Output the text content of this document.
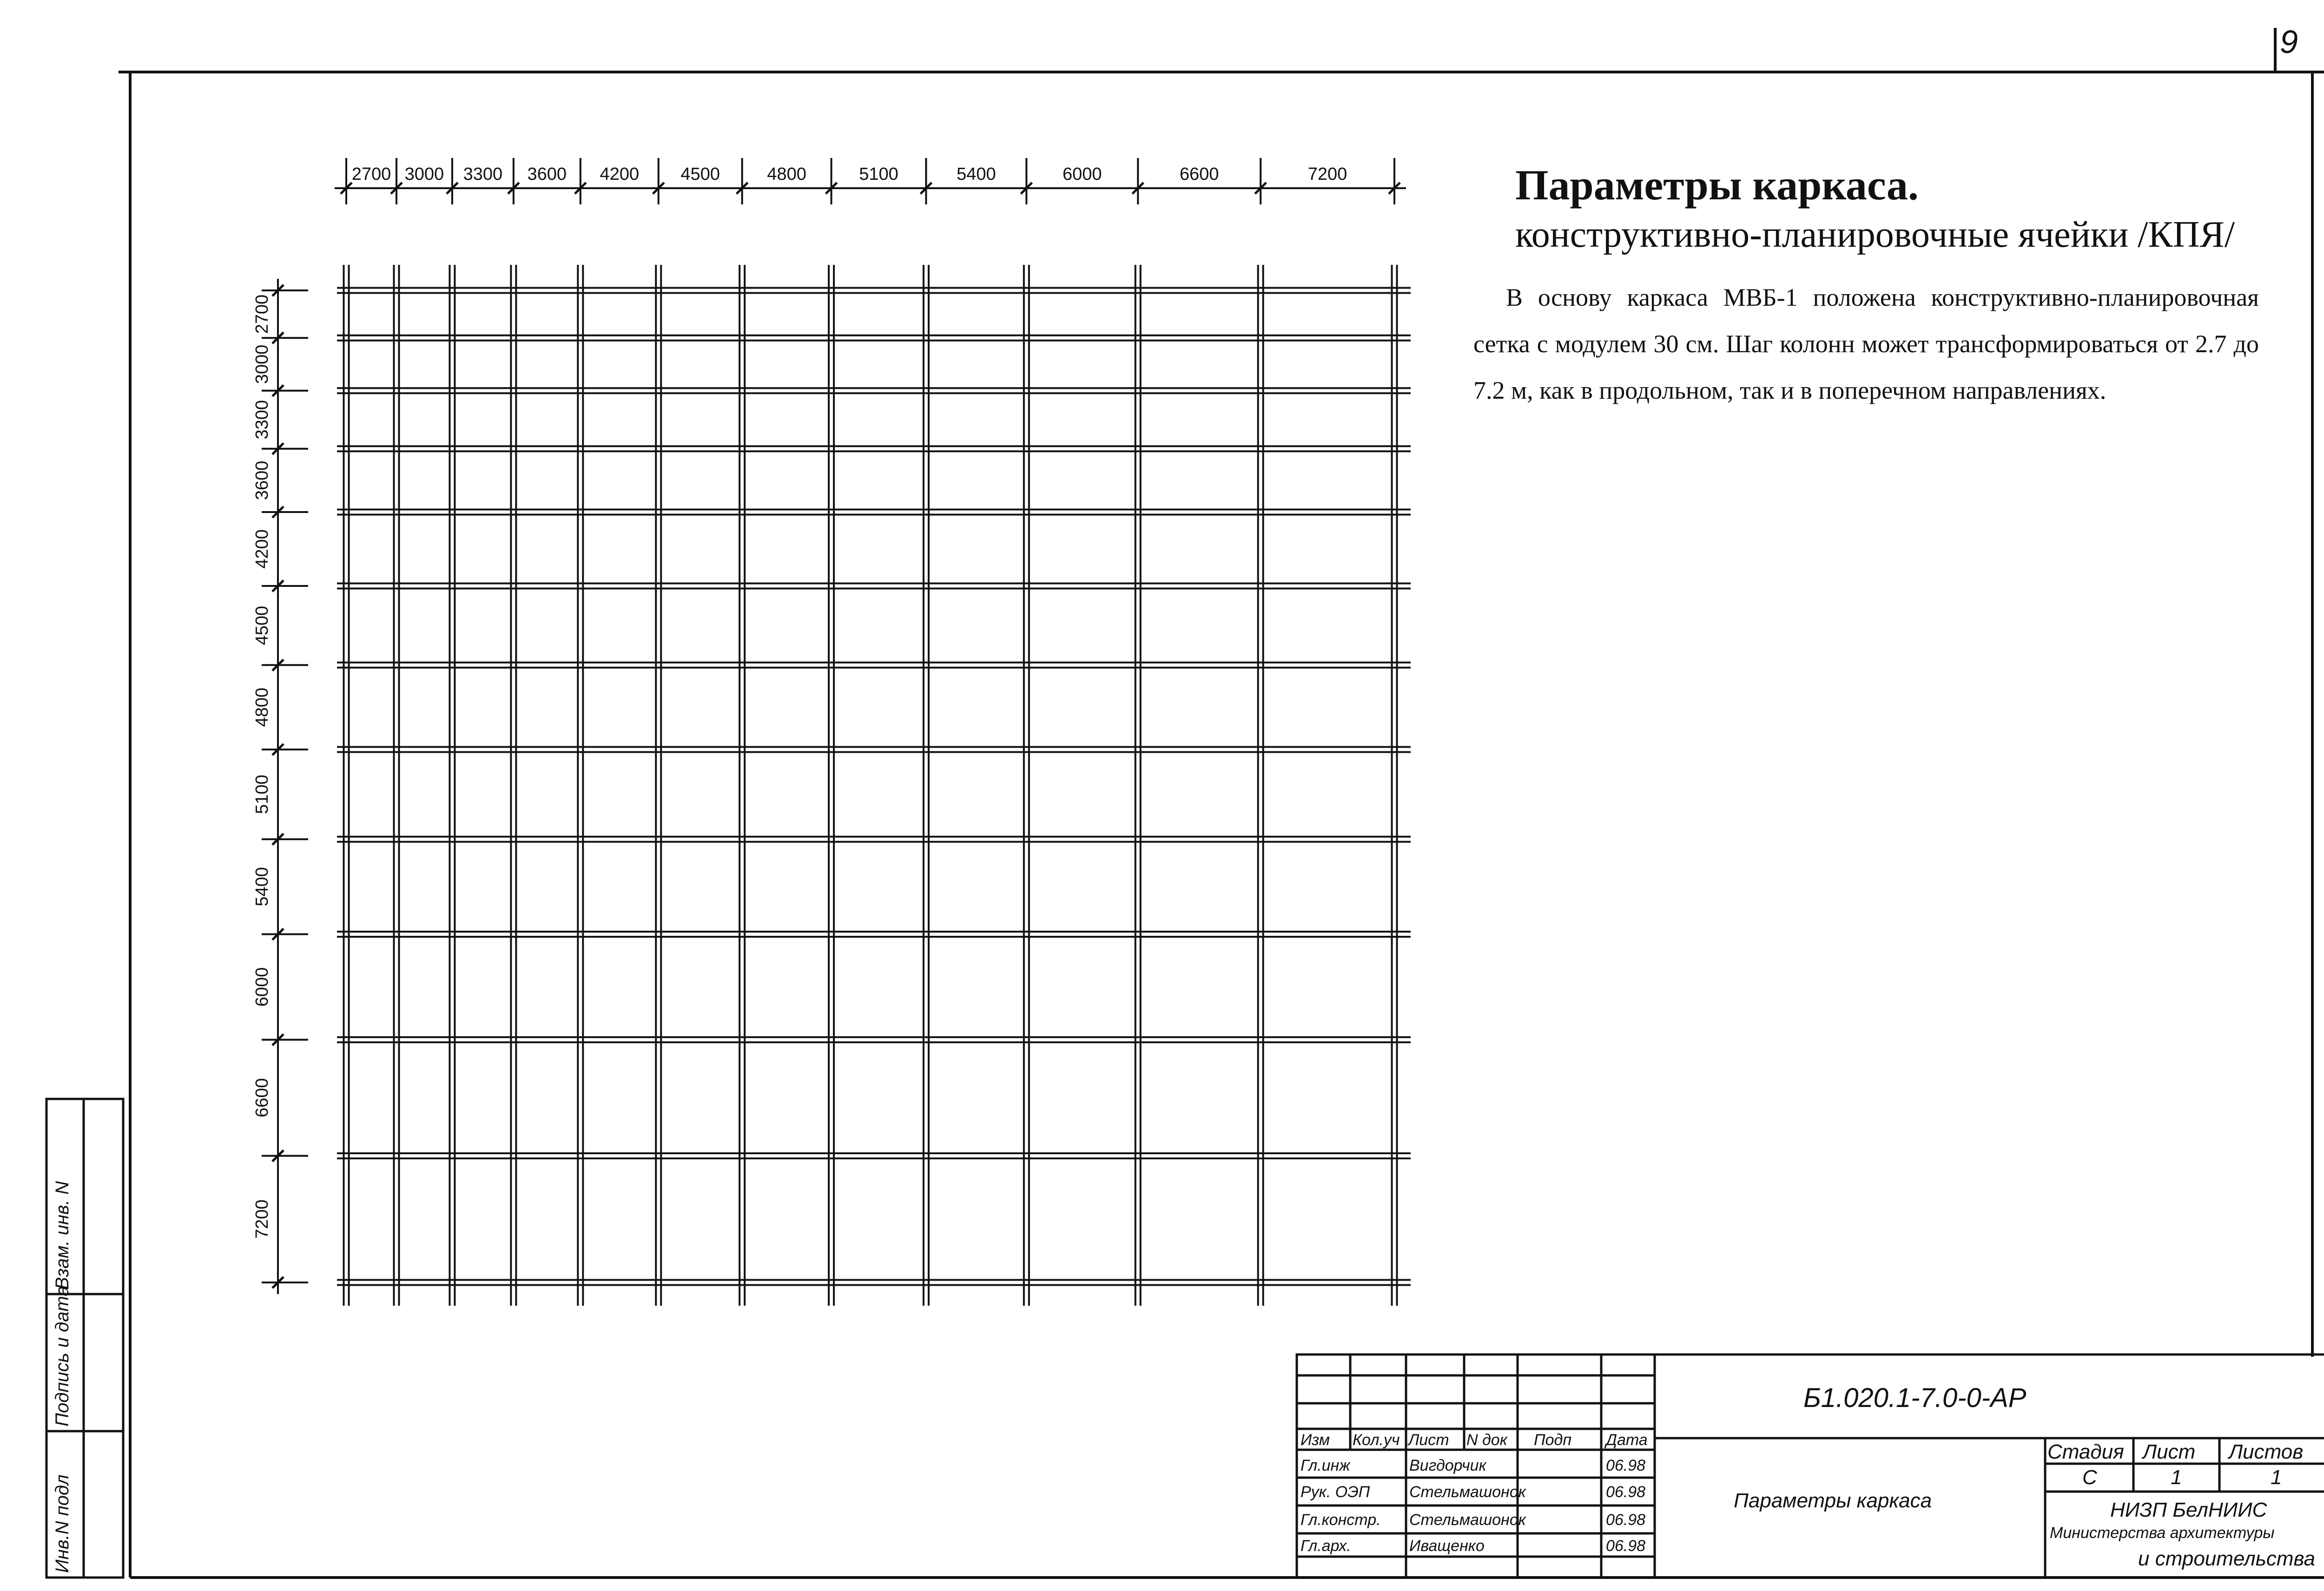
2700 3000 3300 3600 4200 4500	4800	5100	5400	6000	6600	7200
2700
3000
3300
3600
4200
4500
4800
5100
5400
6000
6600
7200
9
Параметры каркаса.
конструктивно-планировочные ячейки /КПЯ/

В основу каркаса МВБ-1 положена конструктивно-планировочная сетка с модулем 30 см. Шаг колонн может трансформироваться от 2.7 до 7.2 м, как в продольном, так и в поперечном направлениях.

Инв.N подл
Подпись и дата
Взам. инв. N
Б1.020.1-7.0-0-АР
Параметры каркаса
Изм Кол.уч Лист N док Подп Дата
Гл.инж	Вигдорчик	06.98
Рук. ОЭП Стельмашонок	06.98
Гл.констр. Стельмашонок	06.98
Гл.арх.	Иващенко	06.98
Стадия Лист Листов
С	1	1
НИЗП БелНИИС
Министерства архитектуры
и строительства
